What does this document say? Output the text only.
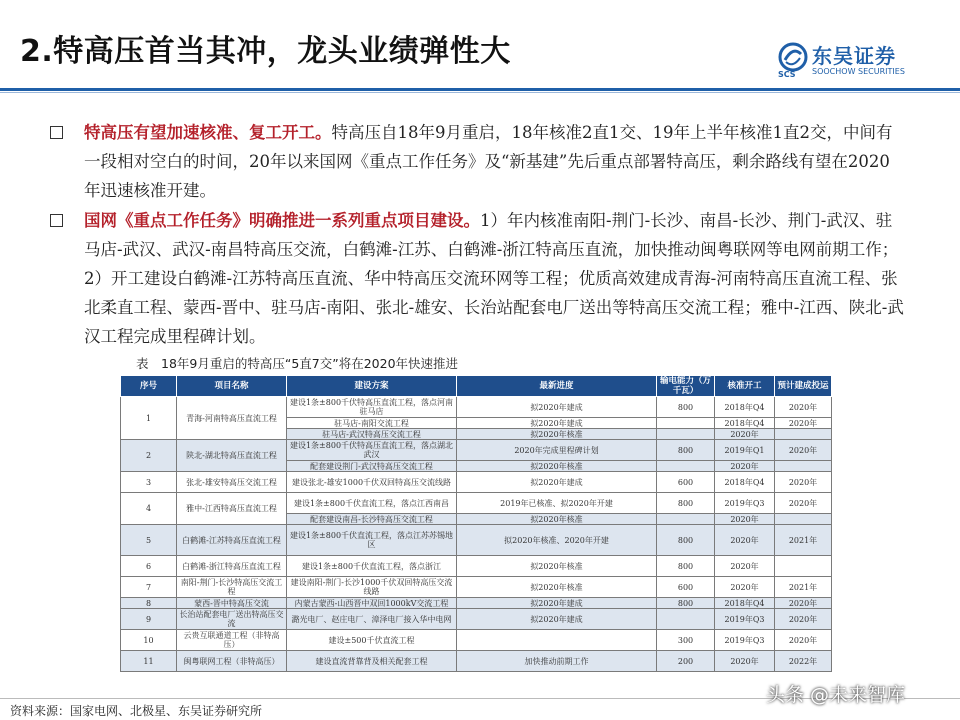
2.特高压首当其冲，龙头业绩弹性大	东吴证券
SCS SOOCHOW SECURITIES
特高压有望加速核准、复工开工。特高压自18年9月重启，18年核准2直1交、19年上半年核准1直2交，中间有一段相对空白的时间，20年以来国网《重点工作任务》及“新基建”先后重点部署特高压，剩余路线有望在2020年迅速核准开建。
国网《重点工作任务》明确推进一系列重点项目建设。1）年内核准南阳-荆门-长沙、南昌-长沙、荆门-武汉、驻马店-武汉、武汉-南昌特高压交流，白鹤滩-江苏、白鹤滩-浙江特高压直流，加快推动闽粤联网等电网前期工作；2）开工建设白鹤滩-江苏特高压直流、华中特高压交流环网等工程；优质高效建成青海-河南特高压直流工程、张北柔直工程、蒙西-晋中、驻马店-南阳、张北-雄安、长治站配套电厂送出等特高压交流工程；雅中-江西、陕北-武汉工程完成里程碑计划。
表　18年9月重启的特高压“5直7交”将在2020年快速推进
序号	项目名称	建设方案	最新进度	输电能力（万千瓦）	核准开工	预计建成投运
1	青海-河南特高压直流工程	建设1条±800千伏特高压直流工程，落点河南驻马店	拟2020年建成	800	2018年Q4	2020年
		驻马店-南阳交流工程	拟2020年建成		2018年Q4	2020年
		驻马店-武汉特高压交流工程	拟2020年核准		2020年	
2	陕北-湖北特高压直流工程	建设1条±800千伏特高压直流工程，落点湖北武汉	2020年完成里程碑计划	800	2019年Q1	2020年
		配套建设荆门-武汉特高压交流工程	拟2020年核准		2020年	
3	张北-雄安特高压交流工程	建设张北-雄安1000千伏双回特高压交流线路	拟2020年建成	600	2018年Q4	2020年
4	雅中-江西特高压直流工程	建设1条±800千伏直流工程，落点江西南昌	2019年已核准、拟2020年开建	800	2019年Q3	2020年
		配套建设南昌-长沙特高压交流工程	拟2020年核准		2020年	
5	白鹤滩-江苏特高压直流工程	建设1条±800千伏直流工程，落点江苏苏锡地区	拟2020年核准、2020年开建	800	2020年	2021年
6	白鹤滩-浙江特高压直流工程	建设1条±800千伏直流工程，落点浙江	拟2020年核准	800	2020年	
7	南阳-荆门-长沙特高压交流工程	建设南阳-荆门-长沙1000千伏双回特高压交流线路	拟2020年核准	600	2020年	2021年
8	蒙西-晋中特高压交流	内蒙古蒙西-山西晋中双回1000kV交流工程	拟2020年建成	800	2018年Q4	2020年
9	长治站配套电厂送出特高压交流	潞光电厂、赵庄电厂、漳泽电厂接入华中电网	拟2020年建成		2019年Q3	2020年
10	云贵互联通道工程（非特高压）	建设±500千伏直流工程		300	2019年Q3	2020年
11	闽粤联网工程（非特高压）	建设直流背靠背及相关配套工程	加快推动前期工作	200	2020年	2022年
资料来源：国家电网、北极星、东吴证券研究所
头条 @未来智库
